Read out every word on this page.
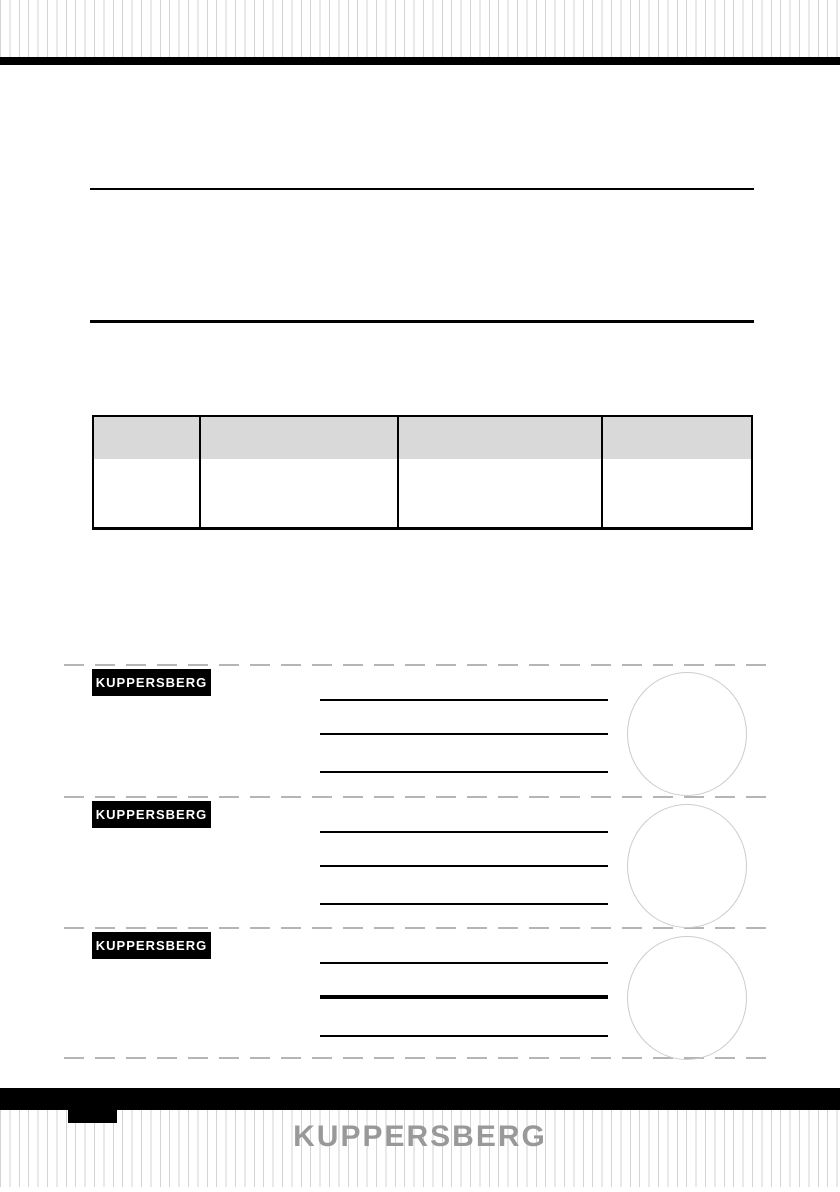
KUPPERSBERG
KUPPERSBERG
KUPPERSBERG
KUPPERSBERG
